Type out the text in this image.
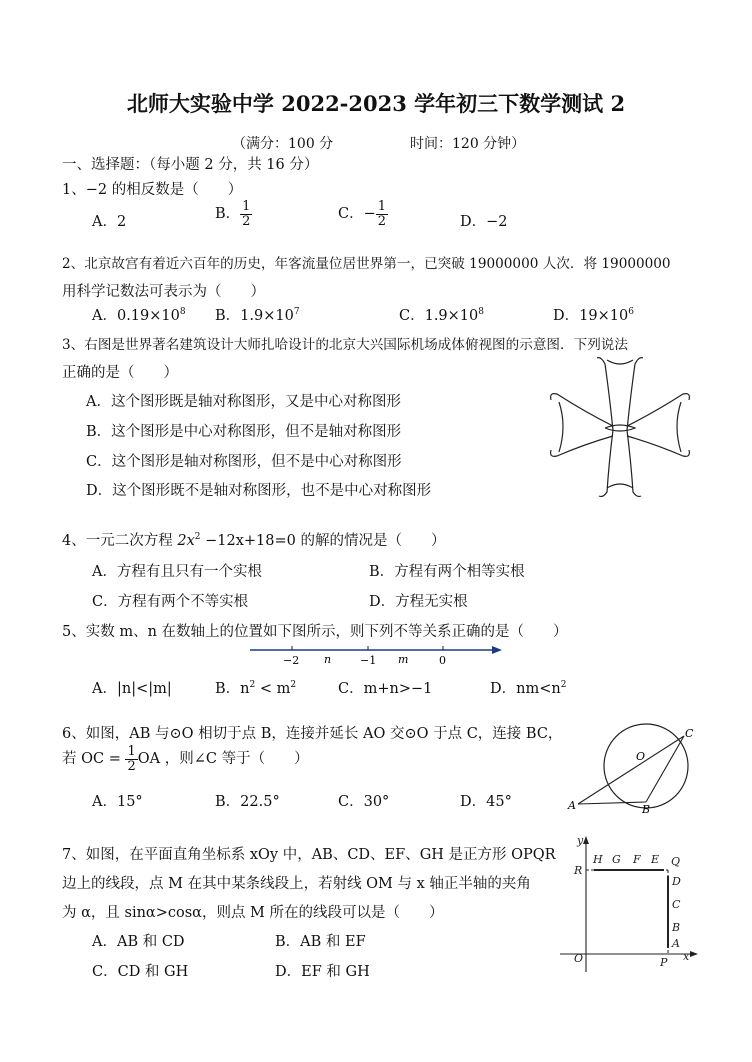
北师大实验中学 2022-2023 学年初三下数学测试 2
（满分：100 分	时间：120 分钟）
一、选择题：（每小题 2 分，共 16 分）
1、−2 的相反数是（　　）
A．2	B． $\frac{1}{2}$	C．− $\frac{1}{2}$	D．−2
2、北京故宫有着近六百年的历史，年客流量位居世界第一，已突破 19000000 人次．将 19000000
用科学记数法可表示为（　　）
A．$0.19\times 10^8$ B．$1.9\times 10^7$	C．$1.9\times 10^8$	D．$19\times 10^6$
3、右图是世界著名建筑设计大师扎哈设计的北京大兴国际机场成体俯视图的示意图．下列说法
正确的是（　　）
A．这个图形既是轴对称图形，又是中心对称图形
B．这个图形是中心对称图形，但不是轴对称图形
C．这个图形是轴对称图形，但不是中心对称图形
D．这个图形既不是轴对称图形，也不是中心对称图形
4、一元二次方程 $2x^2 -12x+18=0$ 的解的情况是（　　）
A．方程有且只有一个实根	B．方程有两个相等实根
C．方程有两个不等实根	D．方程无实根
5、实数 m、n 在数轴上的位置如下图所示，则下列不等关系正确的是（　　）
−2 n	−1 m	0
A．|n|<|m|	B．$n^2 < m^2$	C．m+n>−1	D．$nm<n^2$
6、如图，AB 与⊙O 相切于点 B，连接并延长 AO 交⊙O 于点 C，连接 BC，
若 OC = $\frac{1}{2}$ OA ，则∠C 等于（　　）
A．15°	B．22.5°	C．30°	D．45°
O
C
A	B
7、如图，在平面直角坐标系 xOy 中，AB、CD、EF、GH 是正方形 OPQR
边上的线段，点 M 在其中某条线段上，若射线 OM 与 x 轴正半轴的夹角
为 α，且 sinα>cosα，则点 M 所在的线段可以是（　　）
A．AB 和 CD	B．AB 和 EF
C．CD 和 GH	D．EF 和 GH
y
x
O	P
R
H G F E Q
D
C
B
A
